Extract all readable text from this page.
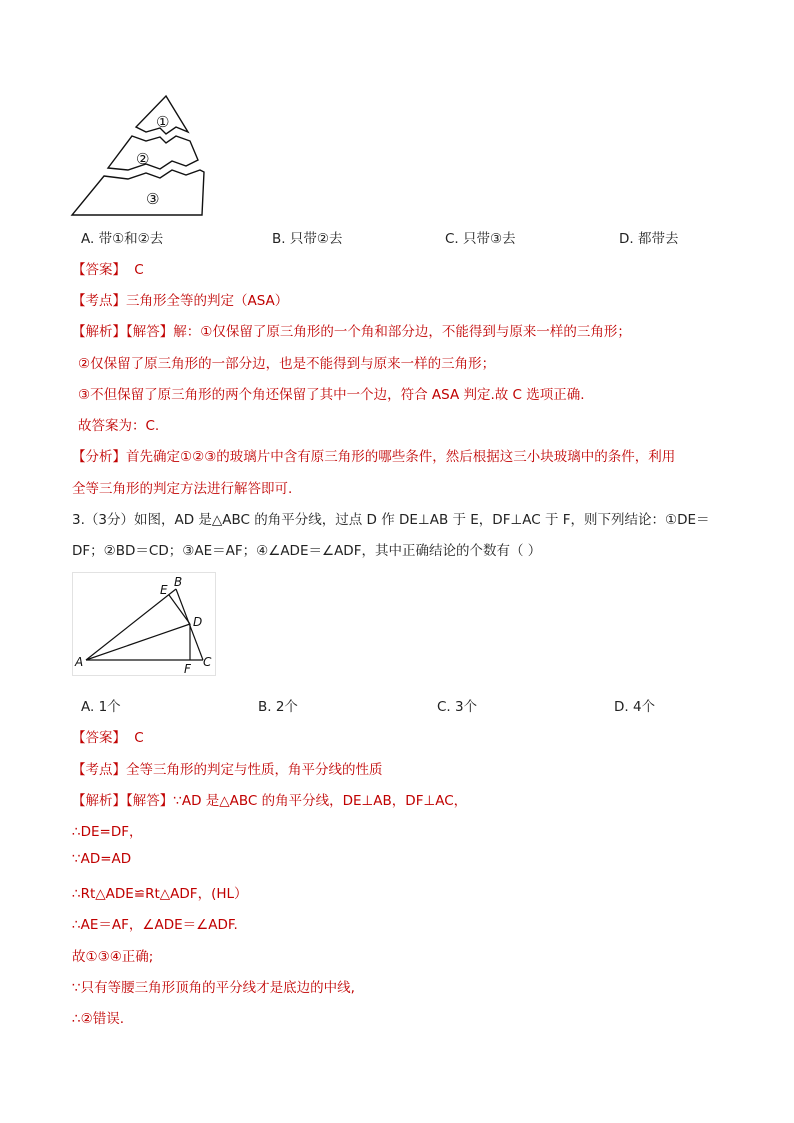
①
②
③
A. 带①和②去	B. 只带②去	C. 只带③去	D. 都带去
【答案】 C
【考点】三角形全等的判定（ASA）
【解析】【解答】解：①仅保留了原三角形的一个角和部分边，不能得到与原来一样的三角形；
②仅保留了原三角形的一部分边，也是不能得到与原来一样的三角形；
③不但保留了原三角形的两个角还保留了其中一个边，符合 ASA 判定.故 C 选项正确.
故答案为：C.
【分析】首先确定①②③的玻璃片中含有原三角形的哪些条件，然后根据这三小块玻璃中的条件，利用
全等三角形的判定方法进行解答即可.
3.（3分）如图，AD 是△ABC 的角平分线，过点 D 作 DE⊥AB 于 E，DF⊥AC 于 F，则下列结论：①DE＝
DF；②BD＝CD；③AE＝AF；④∠ADE＝∠ADF，其中正确结论的个数有（ ）
A
B
C
D
E
F
A. 1个	B. 2个	C. 3个	D. 4个
【答案】 C
【考点】全等三角形的判定与性质，角平分线的性质
【解析】【解答】∵AD 是△ABC 的角平分线，DE⊥AB，DF⊥AC，
∴DE=DF，
∵AD=AD
∴Rt△ADE≌Rt△ADF，(HL）
∴AE＝AF，∠ADE＝∠ADF.
故①③④正确;
∵只有等腰三角形顶角的平分线才是底边的中线,
∴②错误.
